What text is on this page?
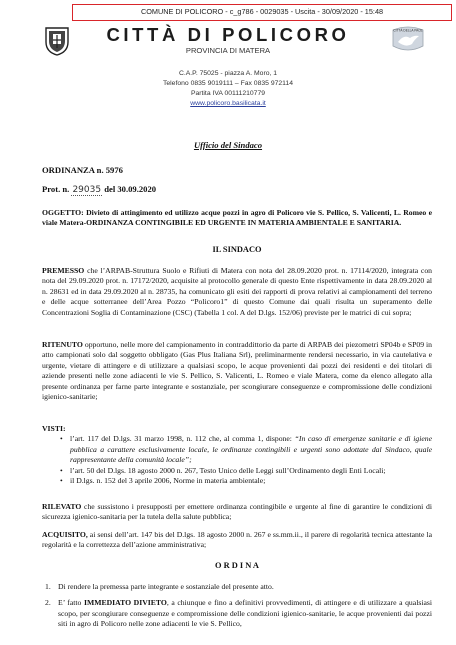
COMUNE DI POLICORO - c_g786 - 0029035 - Uscita - 30/09/2020 - 15:48
CITTÀ DI POLICORO
PROVINCIA DI MATERA
CITTÀ DELLA PACE
C.A.P. 75025 - piazza A. Moro, 1
Telefono 0835 9019111 – Fax 0835 972114
Partita IVA 00111210779
www.policoro.basilicata.it
Ufficio del Sindaco
ORDINANZA n. 5976
Prot. n. 29035 del 30.09.2020
OGGETTO: Divieto di attingimento ed utilizzo acque pozzi in agro di Policoro vie S. Pellico, S. Valicenti, L. Romeo e viale Matera-ORDINANZA CONTINGIBILE ED URGENTE IN MATERIA AMBIENTALE E SANITARIA.
IL SINDACO
PREMESSO che l’ARPAB-Struttura Suolo e Rifiuti di Matera con nota del 28.09.2020 prot. n. 17114/2020, integrata con nota del 29.09.2020 prot. n. 17172/2020, acquisite al protocollo generale di questo Ente rispettivamente in data 28.09.2020 al n. 28631 ed in data 29.09.2020 al n. 28735, ha comunicato gli esiti dei rapporti di prova relativi ai campionamenti del terreno e delle acque sotterranee dell’Area Pozzo “Policoro1” di questo Comune dai quali risulta un superamento delle Concentrazioni Soglia di Contaminazione (CSC) (Tabella 1 col. A del D.lgs. 152/06) previste per le matrici di cui sopra;
RITENUTO opportuno, nelle more del campionamento in contraddittorio da parte di ARPAB dei piezometri SP04b e SP09 in atto campionati solo dal soggetto obbligato (Gas Plus Italiana Srl), preliminarmente rendersi necessario, in via cautelativa e urgente, vietare di attingere e di utilizzare a qualsiasi scopo, le acque provenienti dai pozzi dei residenti e dei titolari di aziende presenti nelle zone adiacenti le vie S. Pellico, S. Valicenti, L. Romeo e viale Matera, come da elenco allegato alla presente ordinanza per farne parte integrante e sostanziale, per scongiurare conseguenze e compromissione delle condizioni igienico-sanitarie;
VISTI:
• l’art. 117 del D.lgs. 31 marzo 1998, n. 112 che, al comma 1, dispone: “In caso di emergenze sanitarie e di igiene pubblica a carattere esclusivamente locale, le ordinanze contingibili e urgenti sono adottate dal Sindaco, quale rappresentante della comunità locale”;
• l’art. 50 del D.lgs. 18 agosto 2000 n. 267, Testo Unico delle Leggi sull’Ordinamento degli Enti Locali;
• il D.lgs. n. 152 del 3 aprile 2006, Norme in materia ambientale;
RILEVATO che sussistono i presupposti per emettere ordinanza contingibile e urgente al fine di garantire le condizioni di sicurezza igienico-sanitaria per la tutela della salute pubblica;
ACQUISITO, ai sensi dell’art. 147 bis del D.lgs. 18 agosto 2000 n. 267 e ss.mm.ii., il parere di regolarità tecnica attestante la regolarità e la correttezza dell’azione amministrativa;
O R D I N A
1. Di rendere la premessa parte integrante e sostanziale del presente atto.
2. E’ fatto IMMEDIATO DIVIETO, a chiunque e fino a definitivi provvedimenti, di attingere e di utilizzare a qualsiasi scopo, per scongiurare conseguenze e compromissione delle condizioni igienico-sanitarie, le acque provenienti dai pozzi siti in agro di Policoro nelle zone adiacenti le vie S. Pellico,
